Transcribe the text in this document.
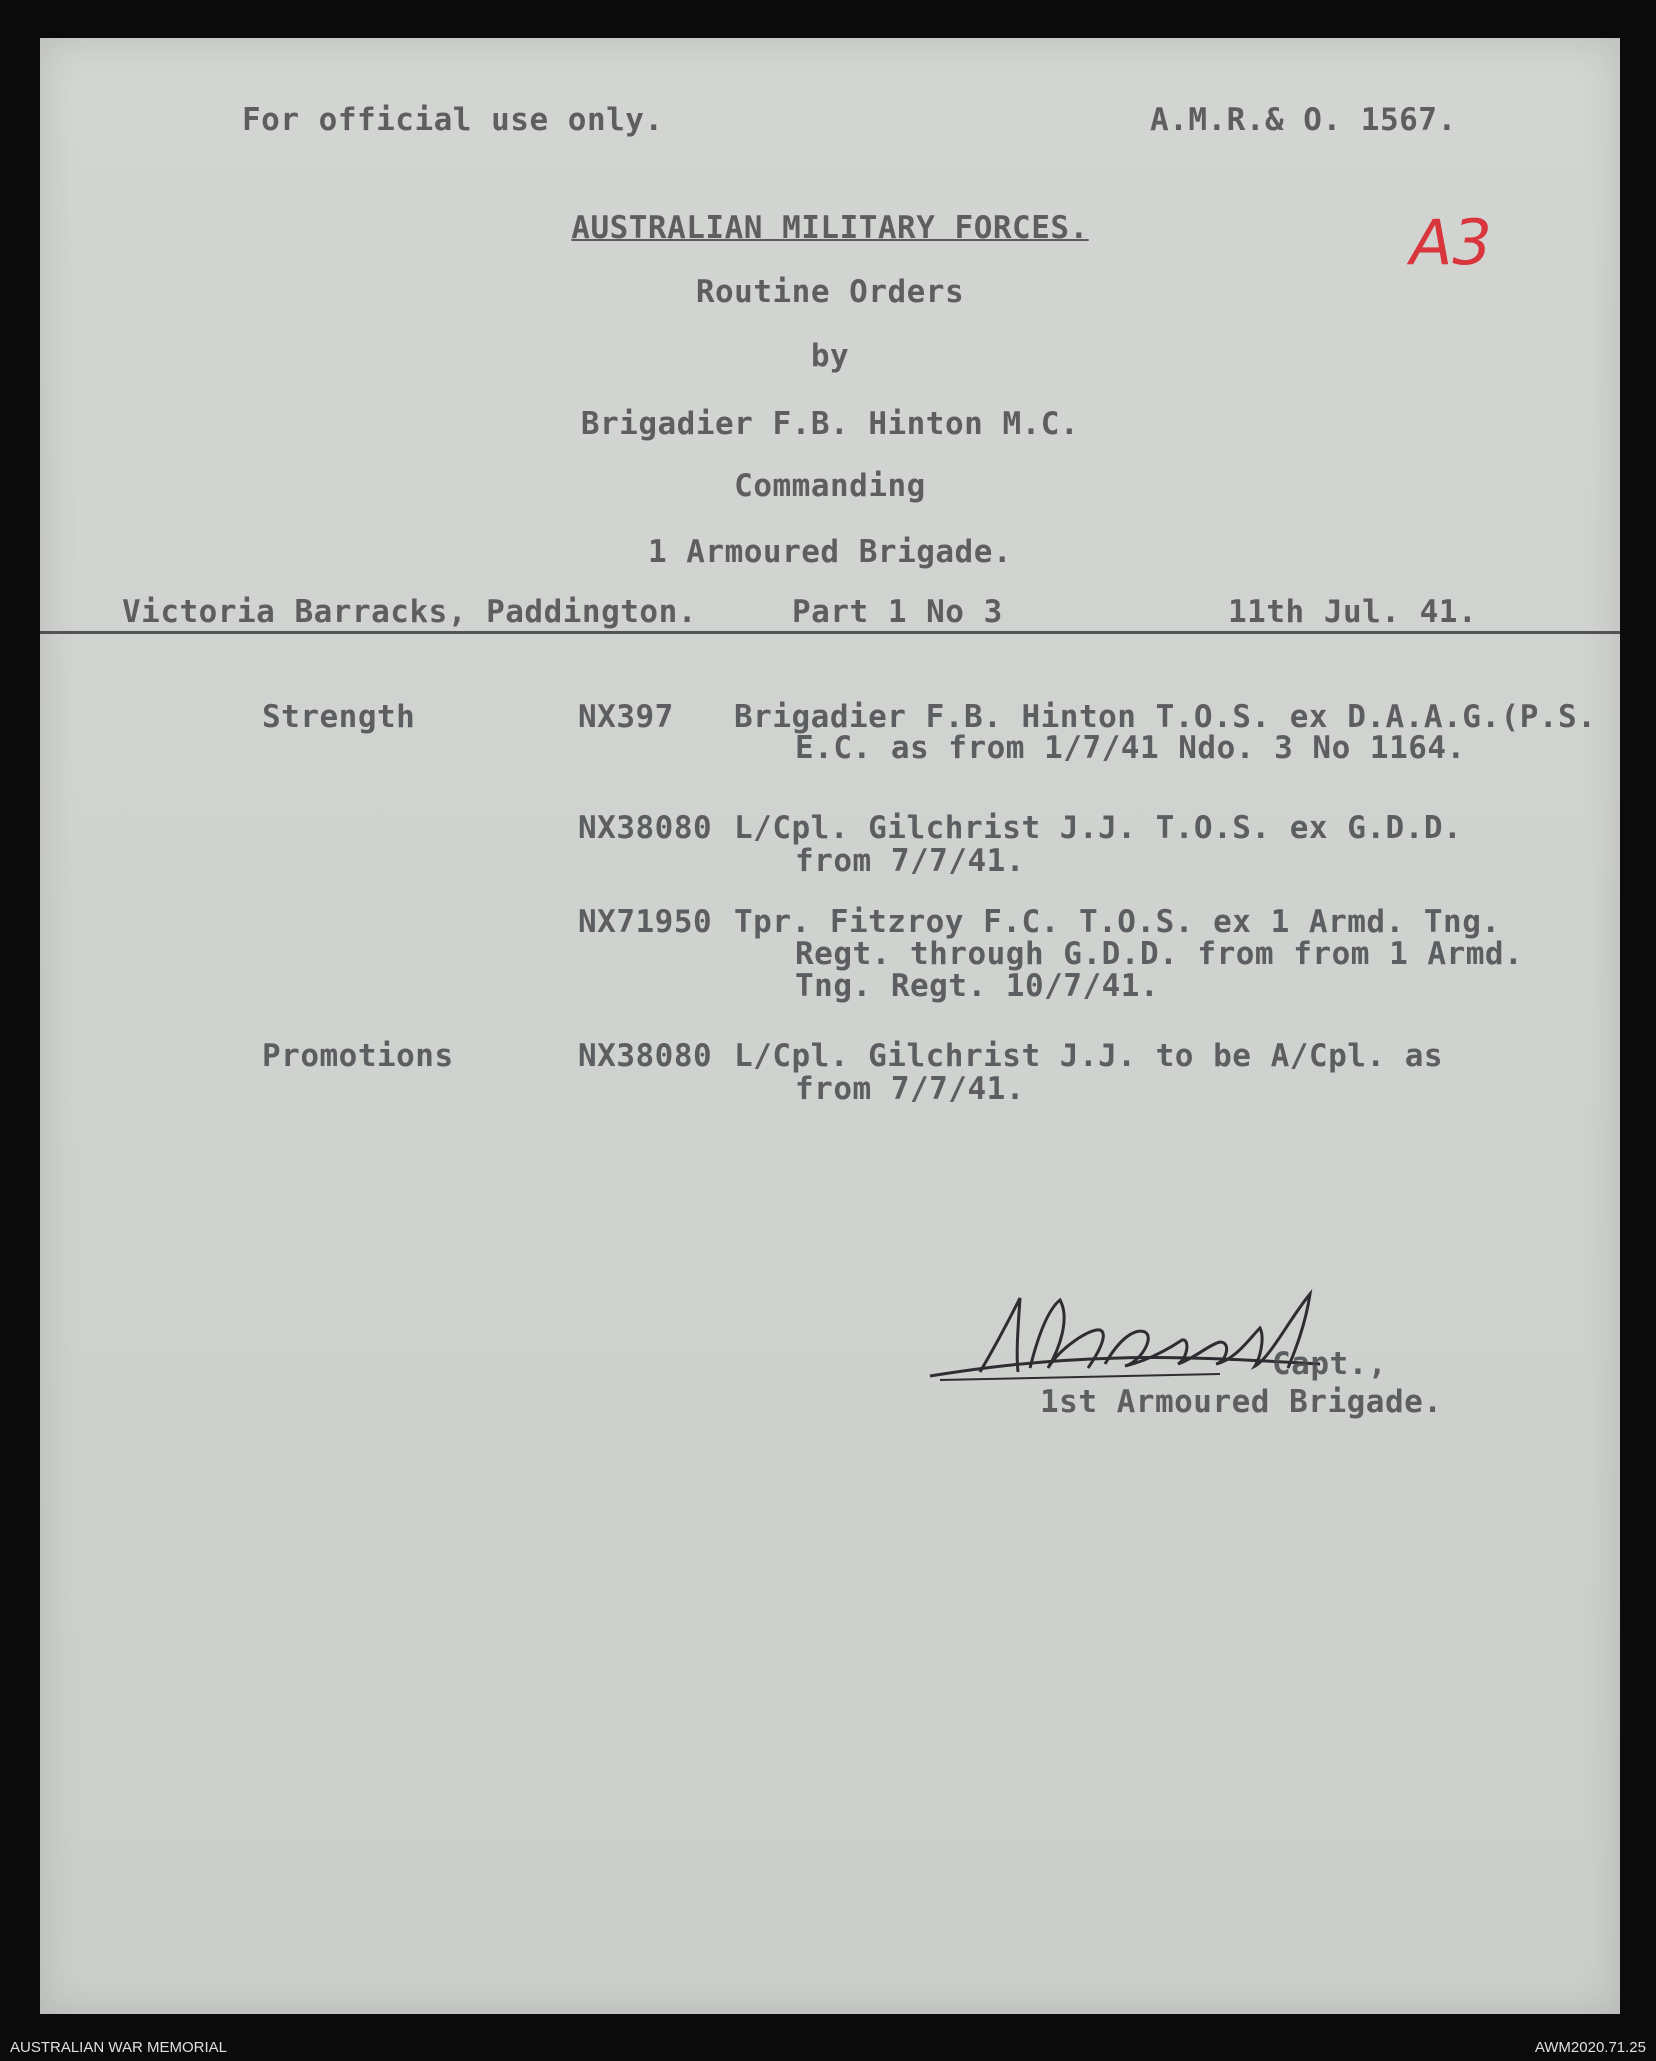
For official use only.	A.M.R.& O. 1567.
A3
AUSTRALIAN MILITARY FORCES.
Routine Orders
by
Brigadier F.B. Hinton M.C.
Commanding
1 Armoured Brigade.
Victoria Barracks, Paddington.	Part 1 No 3	11th Jul. 41.
Strength	NX397 Brigadier F.B. Hinton T.O.S. ex D.A.A.G.(P.S.
E.C. as from 1/7/41 Ndo. 3 No 1164.
NX38080 L/Cpl. Gilchrist J.J. T.O.S. ex G.D.D.
from 7/7/41.
NX71950 Tpr. Fitzroy F.C. T.O.S. ex 1 Armd. Tng.
Regt. through G.D.D. from from 1 Armd.
Tng. Regt. 10/7/41.
Promotions	NX38080 L/Cpl. Gilchrist J.J. to be A/Cpl. as
from 7/7/41.
Capt.,
1st Armoured Brigade.
AUSTRALIAN WAR MEMORIAL	AWM2020.71.25
